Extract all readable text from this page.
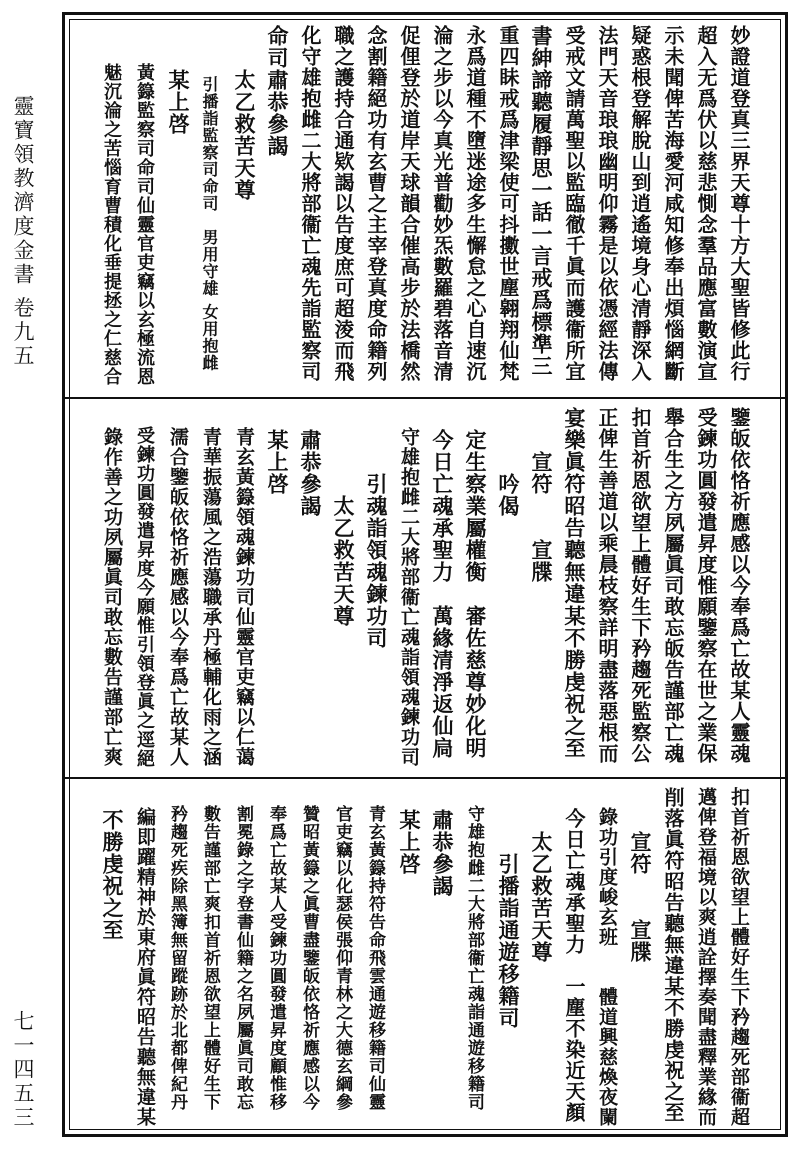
靈寶領教濟度金書 卷九五
七一四五三
妙證道登真三界天尊十方大聖皆修此行
超入无爲伏以慈悲惻念羣品應富數演宣
示未聞俾苦海愛河咸知修奉出煩惱網斷
疑惑根登解脫山到逍遙境身心清靜深入
法門天音琅琅幽明仰霧是以依憑經法傳
受戒文請萬聖以監臨徹千眞而護衞所宜
書紳諦聽履靜思一話一言戒爲標準三
重四眛戒爲津梁使可抖擻世塵翱翔仙梵
永爲道種不墮迷途多生懈怠之心自速沉
淪之步以今真光普勸妙炁數羅碧落音清
促俚登於道岸天球韻合催高步於法橋然
念割籍絕功有玄曹之主宰登真度命籍列
職之護持合通欵謁以告度庶可超淩而飛
化守雄抱雌二大將部衞亡魂先詣監察司
命司肅恭參謁
　　太乙救苦天尊
　　　引播詣監察司命司　男用守雄 女用抱雌
　　某上啓
　　黃籙監察司命司仙靈官吏竊以玄極流恩
　　魅沉淪之苦惱育曹積化垂提拯之仁慈合
鑒皈依恪祈應感以今奉爲亡故某人靈魂
受鍊功圓發遣昇度惟願鑒察在世之業保
舉合生之方夙屬眞司敢忘皈告謹部亡魂
扣首祈恩欲望上體好生下矜趨死監察公
正俾生善道以乘晨枝察詳明盡落惡根而
宴樂眞符昭告聽無違某不勝虔祝之至
　　宣符　　宣牒
　　　吟偈
　定生察業屬權衡　審佐慈尊妙化明
　今日亡魂承聖力　萬緣清淨返仙扃
　守雄抱雌二大將部衞亡魂詣領魂鍊功司
　　　引魂詣領魂鍊功司
　　　　太乙救苦天尊
　肅恭參謁
　某上啓
　青玄黃籙領魂鍊功司仙靈官吏竊以仁蔼
　青華振蕩風之浩蕩職承丹極輔化雨之涵
　濡合鑒皈依恪祈應感以今奉爲亡故某人
　受鍊功圓發遣昇度今願惟引領登眞之逕絕
　錄作善之功夙屬眞司敢忘數告謹部亡爽
扣首祈恩欲望上體好生下矜趨死部衞超
邁俾登福境以爽逍詮擇奏聞盡釋業緣而
削落眞符昭告聽無違某不勝虔祝之至
　　宣符　　宣牒
　錄功引度峻玄班　　體道興慈煥夜闌
　今日亡魂承聖力　一塵不染近天顏
　　太乙救苦天尊
　　　引播詣通遊移籍司
　守雄抱雌二大將部衞亡魂詣通遊移籍司
　肅恭參謁
　某上啓
　青玄黃籙持符告命飛雲通遊移籍司仙靈
　官吏竊以化瑟侯張仰青林之大德玄綱參
　贊昭黃籙之眞曹盡鑒皈依恪祈應感以今
　奉爲亡故某人受鍊功圓發遣昇度顧惟移
　割冕錄之字登書仙籍之名夙屬眞司敢忘
　數告謹部亡爽扣首祈恩欲望上體好生下
　矜趨死疾除黑簿無留蹤跡於北都俾紀丹
　編即躍精神於東府眞符昭告聽無違某
　不勝虔祝之至
